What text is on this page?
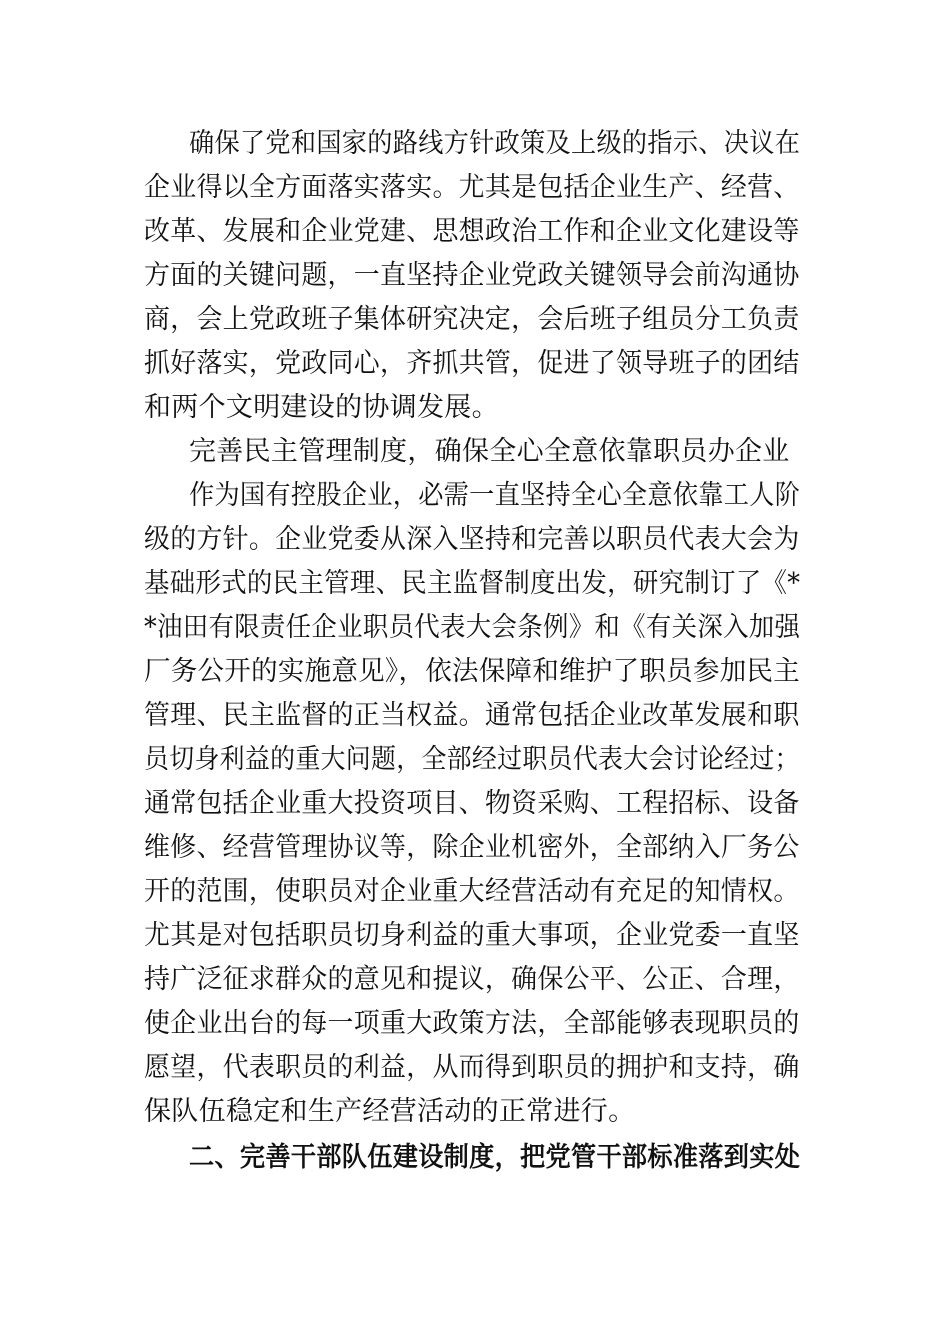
确保了党和国家的路线方针政策及上级的指示、决议在
企业得以全方面落实落实。尤其是包括企业生产、经营、
改革、发展和企业党建、思想政治工作和企业文化建设等
方面的关键问题，一直坚持企业党政关键领导会前沟通协
商，会上党政班子集体研究决定，会后班子组员分工负责
抓好落实，党政同心，齐抓共管，促进了领导班子的团结
和两个文明建设的协调发展。
完善民主管理制度，确保全心全意依靠职员办企业
作为国有控股企业，必需一直坚持全心全意依靠工人阶
级的方针。企业党委从深入坚持和完善以职员代表大会为
基础形式的民主管理、民主监督制度出发，研究制订了《*
*油田有限责任企业职员代表大会条例》和《有关深入加强
厂务公开的实施意见》，依法保障和维护了职员参加民主
管理、民主监督的正当权益。通常包括企业改革发展和职
员切身利益的重大问题，全部经过职员代表大会讨论经过；
通常包括企业重大投资项目、物资采购、工程招标、设备
维修、经营管理协议等，除企业机密外，全部纳入厂务公
开的范围，使职员对企业重大经营活动有充足的知情权。
尤其是对包括职员切身利益的重大事项，企业党委一直坚
持广泛征求群众的意见和提议，确保公平、公正、合理，
使企业出台的每一项重大政策方法，全部能够表现职员的
愿望，代表职员的利益，从而得到职员的拥护和支持，确
保队伍稳定和生产经营活动的正常进行。
二、完善干部队伍建设制度，把党管干部标准落到实处
